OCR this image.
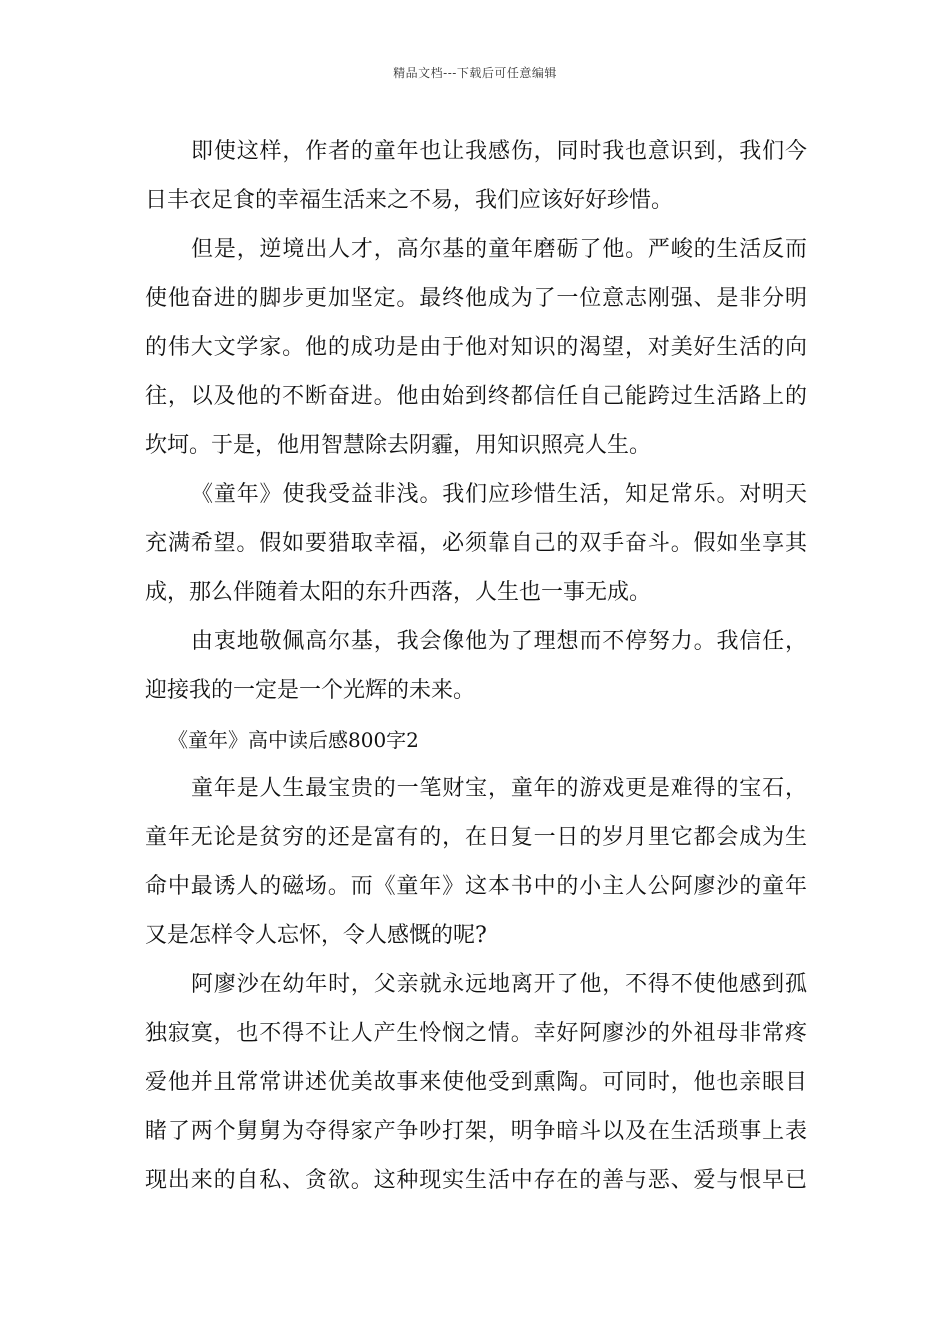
精品文档---下载后可任意编辑
即使这样，作者的童年也让我感伤，同时我也意识到，我们今
日丰衣足食的幸福生活来之不易，我们应该好好珍惜。
但是，逆境出人才，高尔基的童年磨砺了他。严峻的生活反而
使他奋进的脚步更加坚定。最终他成为了一位意志刚强、是非分明
的伟大文学家。他的成功是由于他对知识的渴望，对美好生活的向
往，以及他的不断奋进。他由始到终都信任自己能跨过生活路上的
坎坷。于是，他用智慧除去阴霾，用知识照亮人生。
《童年》使我受益非浅。我们应珍惜生活，知足常乐。对明天
充满希望。假如要猎取幸福，必须靠自己的双手奋斗。假如坐享其
成，那么伴随着太阳的东升西落，人生也一事无成。
由衷地敬佩高尔基，我会像他为了理想而不停努力。我信任，
迎接我的一定是一个光辉的未来。
《童年》高中读后感800字2
童年是人生最宝贵的一笔财宝，童年的游戏更是难得的宝石，
童年无论是贫穷的还是富有的，在日复一日的岁月里它都会成为生
命中最诱人的磁场。而《童年》这本书中的小主人公阿廖沙的童年
又是怎样令人忘怀，令人感慨的呢?
阿廖沙在幼年时，父亲就永远地离开了他，不得不使他感到孤
独寂寞，也不得不让人产生怜悯之情。幸好阿廖沙的外祖母非常疼
爱他并且常常讲述优美故事来使他受到熏陶。可同时，他也亲眼目
睹了两个舅舅为夺得家产争吵打架，明争暗斗以及在生活琐事上表
现出来的自私、贪欲。这种现实生活中存在的善与恶、爱与恨早已
